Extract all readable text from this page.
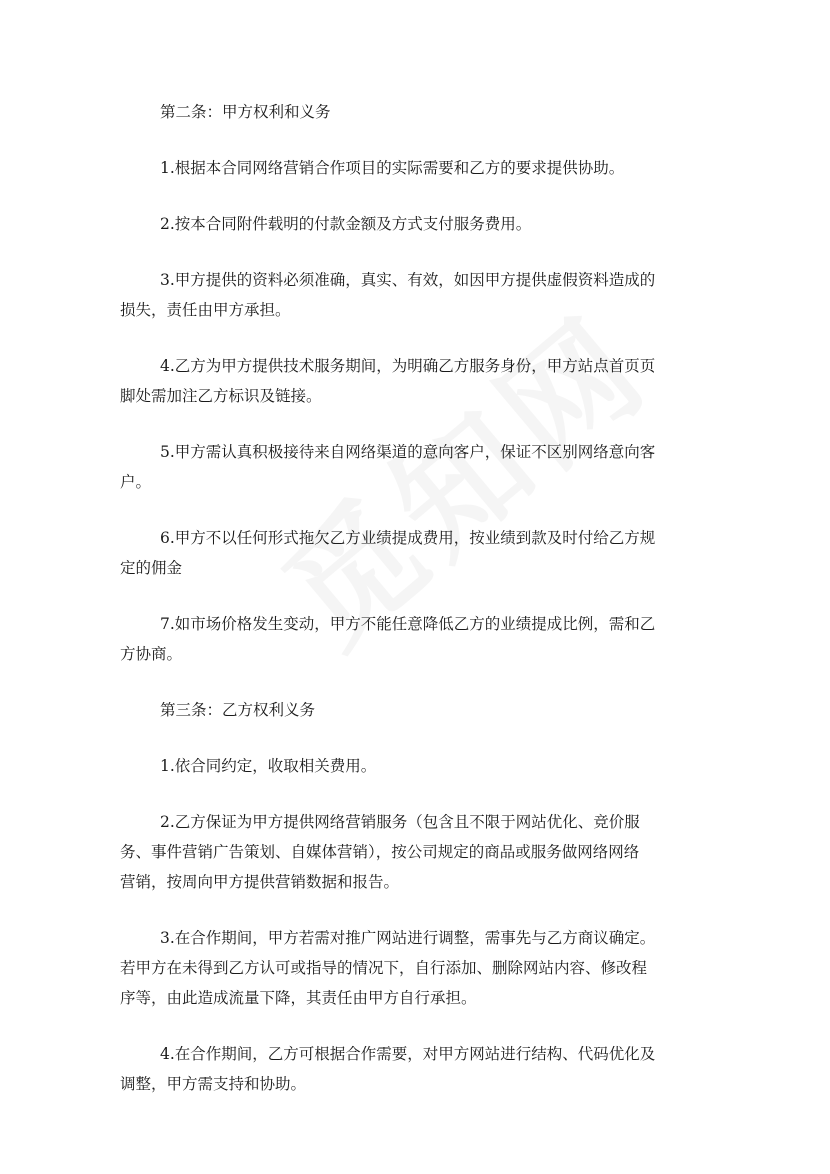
第二条：甲方权利和义务

1.根据本合同网络营销合作项目的实际需要和乙方的要求提供协助。
2.按本合同附件载明的付款金额及方式支付服务费用。
3.甲方提供的资料必须准确，真实、有效，如因甲方提供虚假资料造成的
损失，责任由甲方承担。
4.乙方为甲方提供技术服务期间，为明确乙方服务身份，甲方站点首页页
脚处需加注乙方标识及链接。
5.甲方需认真积极接待来自网络渠道的意向客户，保证不区别网络意向客
户。
6.甲方不以任何形式拖欠乙方业绩提成费用，按业绩到款及时付给乙方规
定的佣金
7.如市场价格发生变动，甲方不能任意降低乙方的业绩提成比例，需和乙
方协商。

第三条：乙方权利义务

1.依合同约定，收取相关费用。
2.乙方保证为甲方提供网络营销服务（包含且不限于网站优化、竞价服
务、事件营销广告策划、自媒体营销），按公司规定的商品或服务做网络网络
营销，按周向甲方提供营销数据和报告。
3.在合作期间，甲方若需对推广网站进行调整，需事先与乙方商议确定。
若甲方在未得到乙方认可或指导的情况下，自行添加、删除网站内容、修改程
序等，由此造成流量下降，其责任由甲方自行承担。
4.在合作期间，乙方可根据合作需要，对甲方网站进行结构、代码优化及
调整，甲方需支持和协助。
